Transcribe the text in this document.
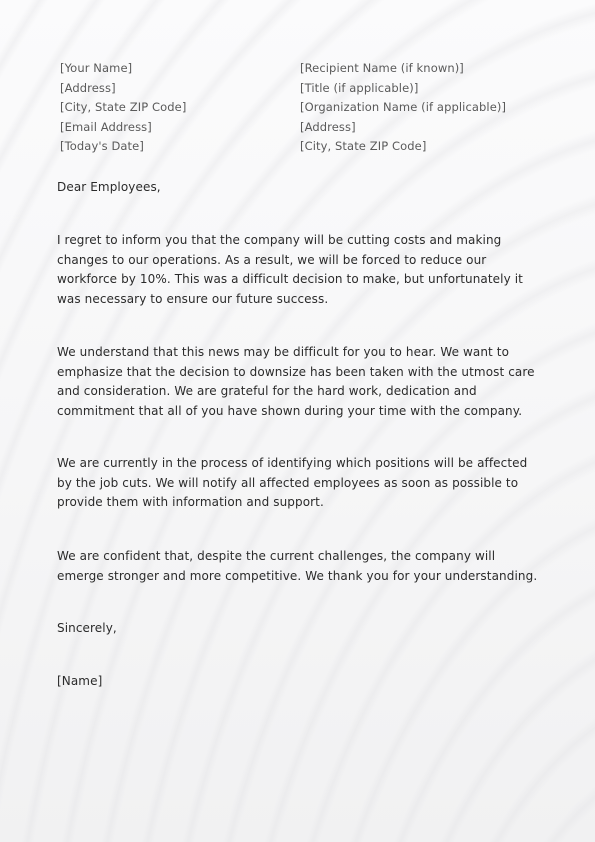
[Your Name]
[Address]
[City, State ZIP Code]
[Email Address]
[Today's Date]
[Recipient Name (if known)]
[Title (if applicable)]
[Organization Name (if applicable)]
[Address]
[City, State ZIP Code]

Dear Employees,

I regret to inform you that the company will be cutting costs and making changes to our operations. As a result, we will be forced to reduce our workforce by 10%. This was a difficult decision to make, but unfortunately it was necessary to ensure our future success.

We understand that this news may be difficult for you to hear. We want to emphasize that the decision to downsize has been taken with the utmost care and consideration. We are grateful for the hard work, dedication and commitment that all of you have shown during your time with the company.

We are currently in the process of identifying which positions will be affected by the job cuts. We will notify all affected employees as soon as possible to provide them with information and support.

We are confident that, despite the current challenges, the company will emerge stronger and more competitive. We thank you for your understanding.

Sincerely,

[Name]
